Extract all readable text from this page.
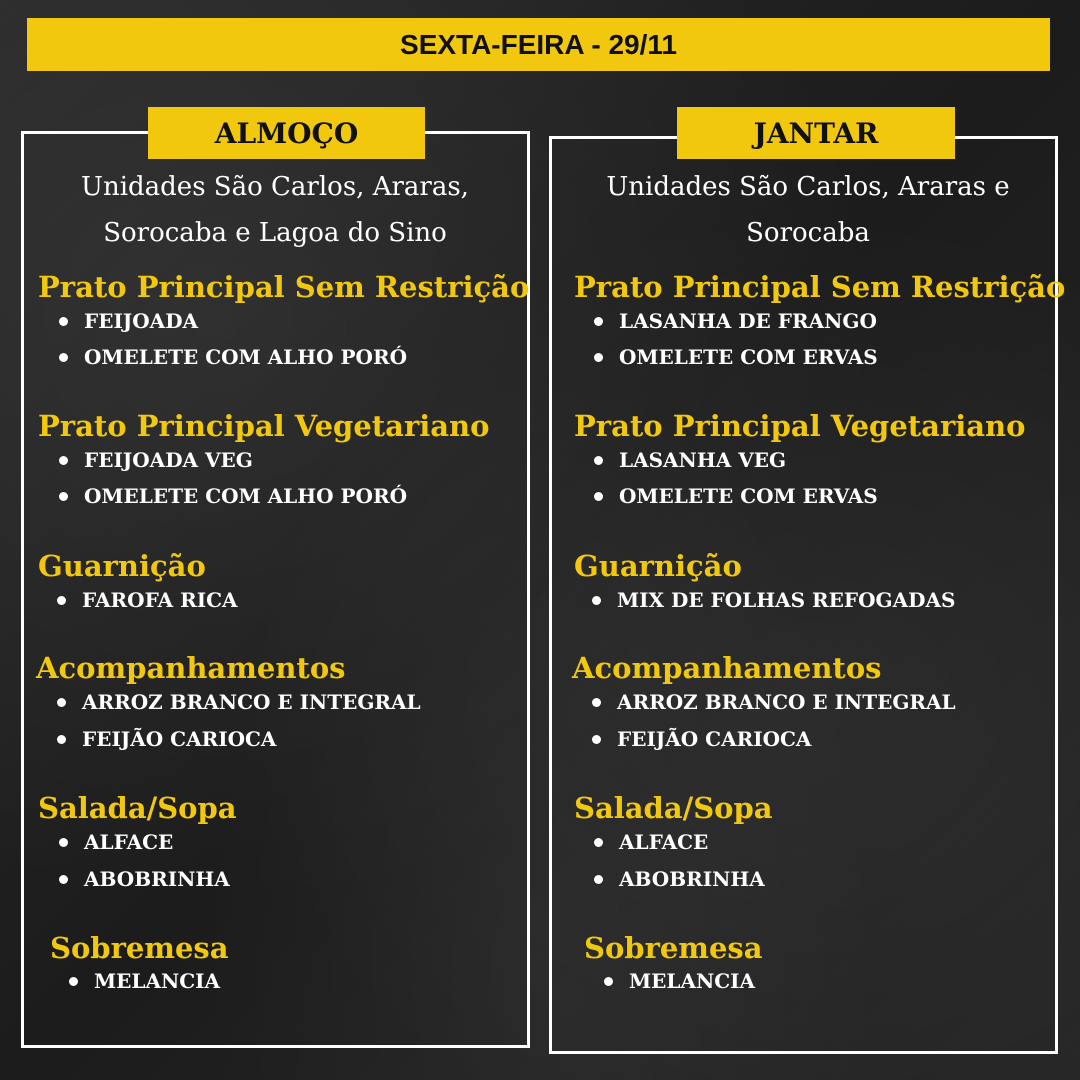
SEXTA-FEIRA - 29/11
ALMOÇO	JANTAR
Unidades São Carlos, Araras, Sorocaba e Lagoa do Sino
Unidades São Carlos, Araras e Sorocaba
Prato Principal Sem Restrição
FEIJOADA
OMELETE COM ALHO PORÓ
Prato Principal Vegetariano
FEIJOADA VEG
OMELETE COM ALHO PORÓ
Guarnição
FAROFA RICA
Acompanhamentos
ARROZ BRANCO E INTEGRAL
FEIJÃO CARIOCA
Salada/Sopa
ALFACE
ABOBRINHA
Sobremesa
MELANCIA
Prato Principal Sem Restrição
LASANHA DE FRANGO
OMELETE COM ERVAS
Prato Principal Vegetariano
LASANHA VEG
OMELETE COM ERVAS
Guarnição
MIX DE FOLHAS REFOGADAS
Acompanhamentos
ARROZ BRANCO E INTEGRAL
FEIJÃO CARIOCA
Salada/Sopa
ALFACE
ABOBRINHA
Sobremesa
MELANCIA
